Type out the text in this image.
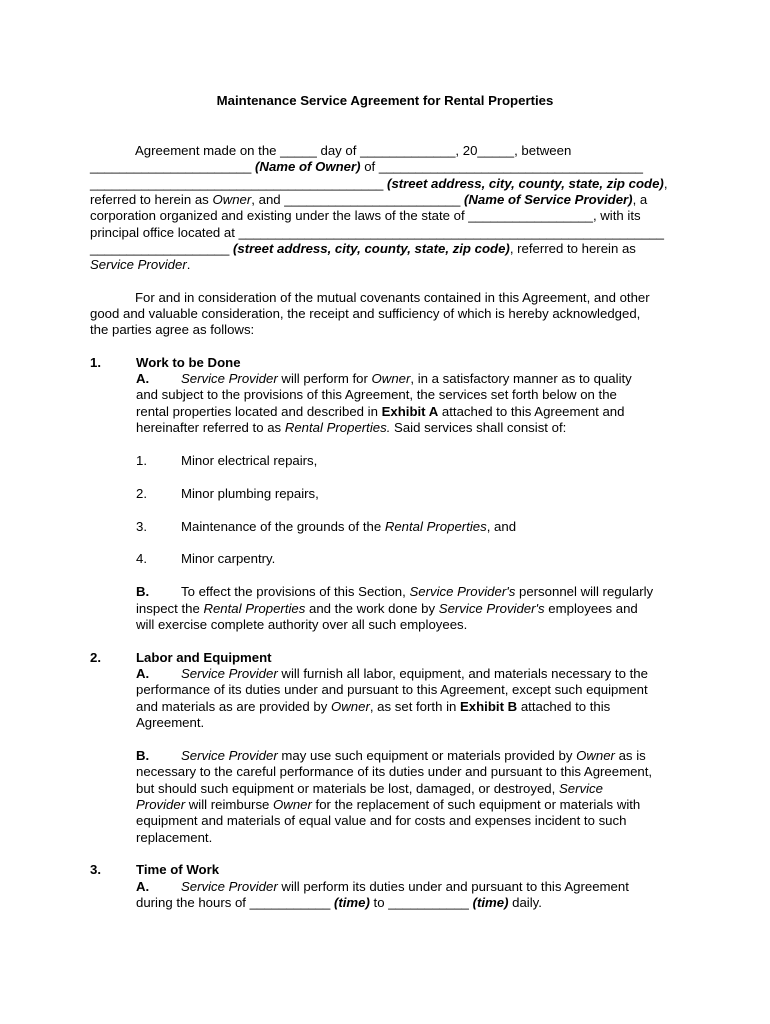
Maintenance Service Agreement for Rental Properties
Agreement made on the _____ day of _____________, 20_____, between
______________________ (Name of Owner) of ____________________________________
________________________________________ (street address, city, county, state, zip code),
referred to herein as Owner, and ________________________ (Name of Service Provider), a
corporation organized and existing under the laws of the state of _________________, with its
principal office located at __________________________________________________________
___________________ (street address, city, county, state, zip code), referred to herein as
Service Provider.
For and in consideration of the mutual covenants contained in this Agreement, and other
good and valuable consideration, the receipt and sufficiency of which is hereby acknowledged,
the parties agree as follows:
1.	Work to be Done
A. Service Provider will perform for Owner, in a satisfactory manner as to quality
and subject to the provisions of this Agreement, the services set forth below on the
rental properties located and described in Exhibit A attached to this Agreement and
hereinafter referred to as Rental Properties. Said services shall consist of:
1.	Minor electrical repairs,
2.	Minor plumbing repairs,
3.	Maintenance of the grounds of the Rental Properties, and
4.	Minor carpentry.
B. To effect the provisions of this Section, Service Provider's personnel will regularly
inspect the Rental Properties and the work done by Service Provider's employees and
will exercise complete authority over all such employees.
2.	Labor and Equipment
A. Service Provider will furnish all labor, equipment, and materials necessary to the
performance of its duties under and pursuant to this Agreement, except such equipment
and materials as are provided by Owner, as set forth in Exhibit B attached to this
Agreement.
B. Service Provider may use such equipment or materials provided by Owner as is
necessary to the careful performance of its duties under and pursuant to this Agreement,
but should such equipment or materials be lost, damaged, or destroyed, Service
Provider will reimburse Owner for the replacement of such equipment or materials with
equipment and materials of equal value and for costs and expenses incident to such
replacement.
3.	Time of Work
A. Service Provider will perform its duties under and pursuant to this Agreement
during the hours of ___________ (time) to ___________ (time) daily.
